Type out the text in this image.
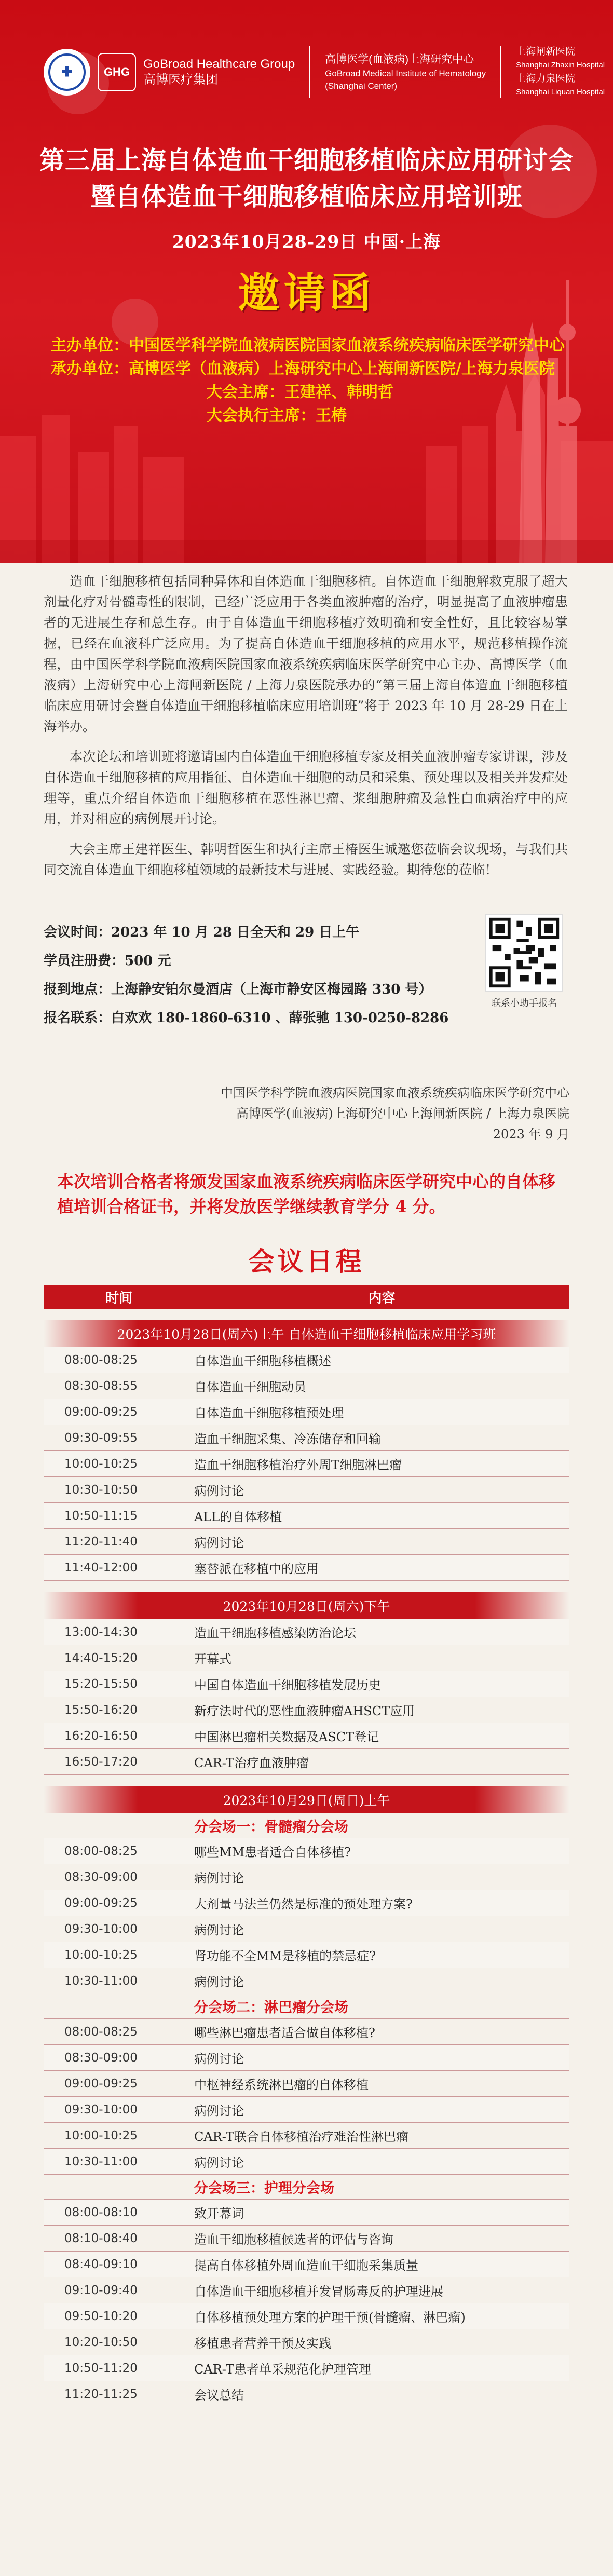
✚	GHG
GoBroad Healthcare Group
高博医疗集团
高博医学(血液病)上海研究中心
GoBroad Medical Institute of Hematology (Shanghai Center)
上海闸新医院
Shanghai Zhaxin Hospital
上海力泉医院
Shanghai Liquan Hospital
第三届上海自体造血干细胞移植临床应用研讨会
暨自体造血干细胞移植临床应用培训班
2023年10月28-29日 中国·上海
邀请函
主办单位：中国医学科学院血液病医院国家血液系统疾病临床医学研究中心
承办单位：高博医学（血液病）上海研究中心上海闸新医院/上海力泉医院
大会主席：王建祥、韩明哲
大会执行主席：王椿

造血干细胞移植包括同种异体和自体造血干细胞移植。自体造血干细胞解救克服了超大剂量化疗对骨髓毒性的限制，已经广泛应用于各类血液肿瘤的治疗，明显提高了血液肿瘤患者的无进展生存和总生存。由于自体造血干细胞移植疗效明确和安全性好，且比较容易掌握，已经在血液科广泛应用。为了提高自体造血干细胞移植的应用水平，规范移植操作流程，由中国医学科学院血液病医院国家血液系统疾病临床医学研究中心主办、高博医学（血液病）上海研究中心上海闸新医院 / 上海力泉医院承办的“第三届上海自体造血干细胞移植临床应用研讨会暨自体造血干细胞移植临床应用培训班”将于 2023 年 10 月 28-29 日在上海举办。

本次论坛和培训班将邀请国内自体造血干细胞移植专家及相关血液肿瘤专家讲课，涉及自体造血干细胞移植的应用指征、自体造血干细胞的动员和采集、预处理以及相关并发症处理等，重点介绍自体造血干细胞移植在恶性淋巴瘤、浆细胞肿瘤及急性白血病治疗中的应用，并对相应的病例展开讨论。

大会主席王建祥医生、韩明哲医生和执行主席王椿医生诚邀您莅临会议现场，与我们共同交流自体造血干细胞移植领域的最新技术与进展、实践经验。期待您的莅临！

会议时间：2023 年 10 月 28 日全天和 29 日上午
学员注册费：500 元
报到地点：上海静安铂尔曼酒店（上海市静安区梅园路 330 号）
报名联系：白欢欢 180-1860-6310 、薛张驰 130-0250-8286
联系小助手报名
中国医学科学院血液病医院国家血液系统疾病临床医学研究中心
高博医学(血液病)上海研究中心上海闸新医院 / 上海力泉医院
2023 年 9 月
本次培训合格者将颁发国家血液系统疾病临床医学研究中心的自体移植培训合格证书，并将发放医学继续教育学分 4 分。
会议日程
时间	内容
2023年10月28日(周六)上午 自体造血干细胞移植临床应用学习班
08:00-08:25	自体造血干细胞移植概述
08:30-08:55	自体造血干细胞动员
09:00-09:25	自体造血干细胞移植预处理
09:30-09:55	造血干细胞采集、冷冻储存和回输
10:00-10:25	造血干细胞移植治疗外周T细胞淋巴瘤
10:30-10:50	病例讨论
10:50-11:15	ALL的自体移植
11:20-11:40	病例讨论
11:40-12:00	塞替派在移植中的应用
2023年10月28日(周六)下午
13:00-14:30	造血干细胞移植感染防治论坛
14:40-15:20	开幕式
15:20-15:50	中国自体造血干细胞移植发展历史
15:50-16:20	新疗法时代的恶性血液肿瘤AHSCT应用
16:20-16:50	中国淋巴瘤相关数据及ASCT登记
16:50-17:20	CAR-T治疗血液肿瘤
2023年10月29日(周日)上午
分会场一：骨髓瘤分会场
08:00-08:25	哪些MM患者适合自体移植?
08:30-09:00	病例讨论
09:00-09:25	大剂量马法兰仍然是标准的预处理方案?
09:30-10:00	病例讨论
10:00-10:25	肾功能不全MM是移植的禁忌症?
10:30-11:00	病例讨论
分会场二：淋巴瘤分会场
08:00-08:25	哪些淋巴瘤患者适合做自体移植?
08:30-09:00	病例讨论
09:00-09:25	中枢神经系统淋巴瘤的自体移植
09:30-10:00	病例讨论
10:00-10:25	CAR-T联合自体移植治疗难治性淋巴瘤
10:30-11:00	病例讨论
分会场三：护理分会场
08:00-08:10	致开幕词
08:10-08:40	造血干细胞移植候选者的评估与咨询
08:40-09:10	提高自体移植外周血造血干细胞采集质量
09:10-09:40	自体造血干细胞移植并发冒肠毒反的护理进展
09:50-10:20	自体移植预处理方案的护理干预(骨髓瘤、淋巴瘤)
10:20-10:50	移植患者营养干预及实践
10:50-11:20	CAR-T患者单采规范化护理管理
11:20-11:25	会议总结
